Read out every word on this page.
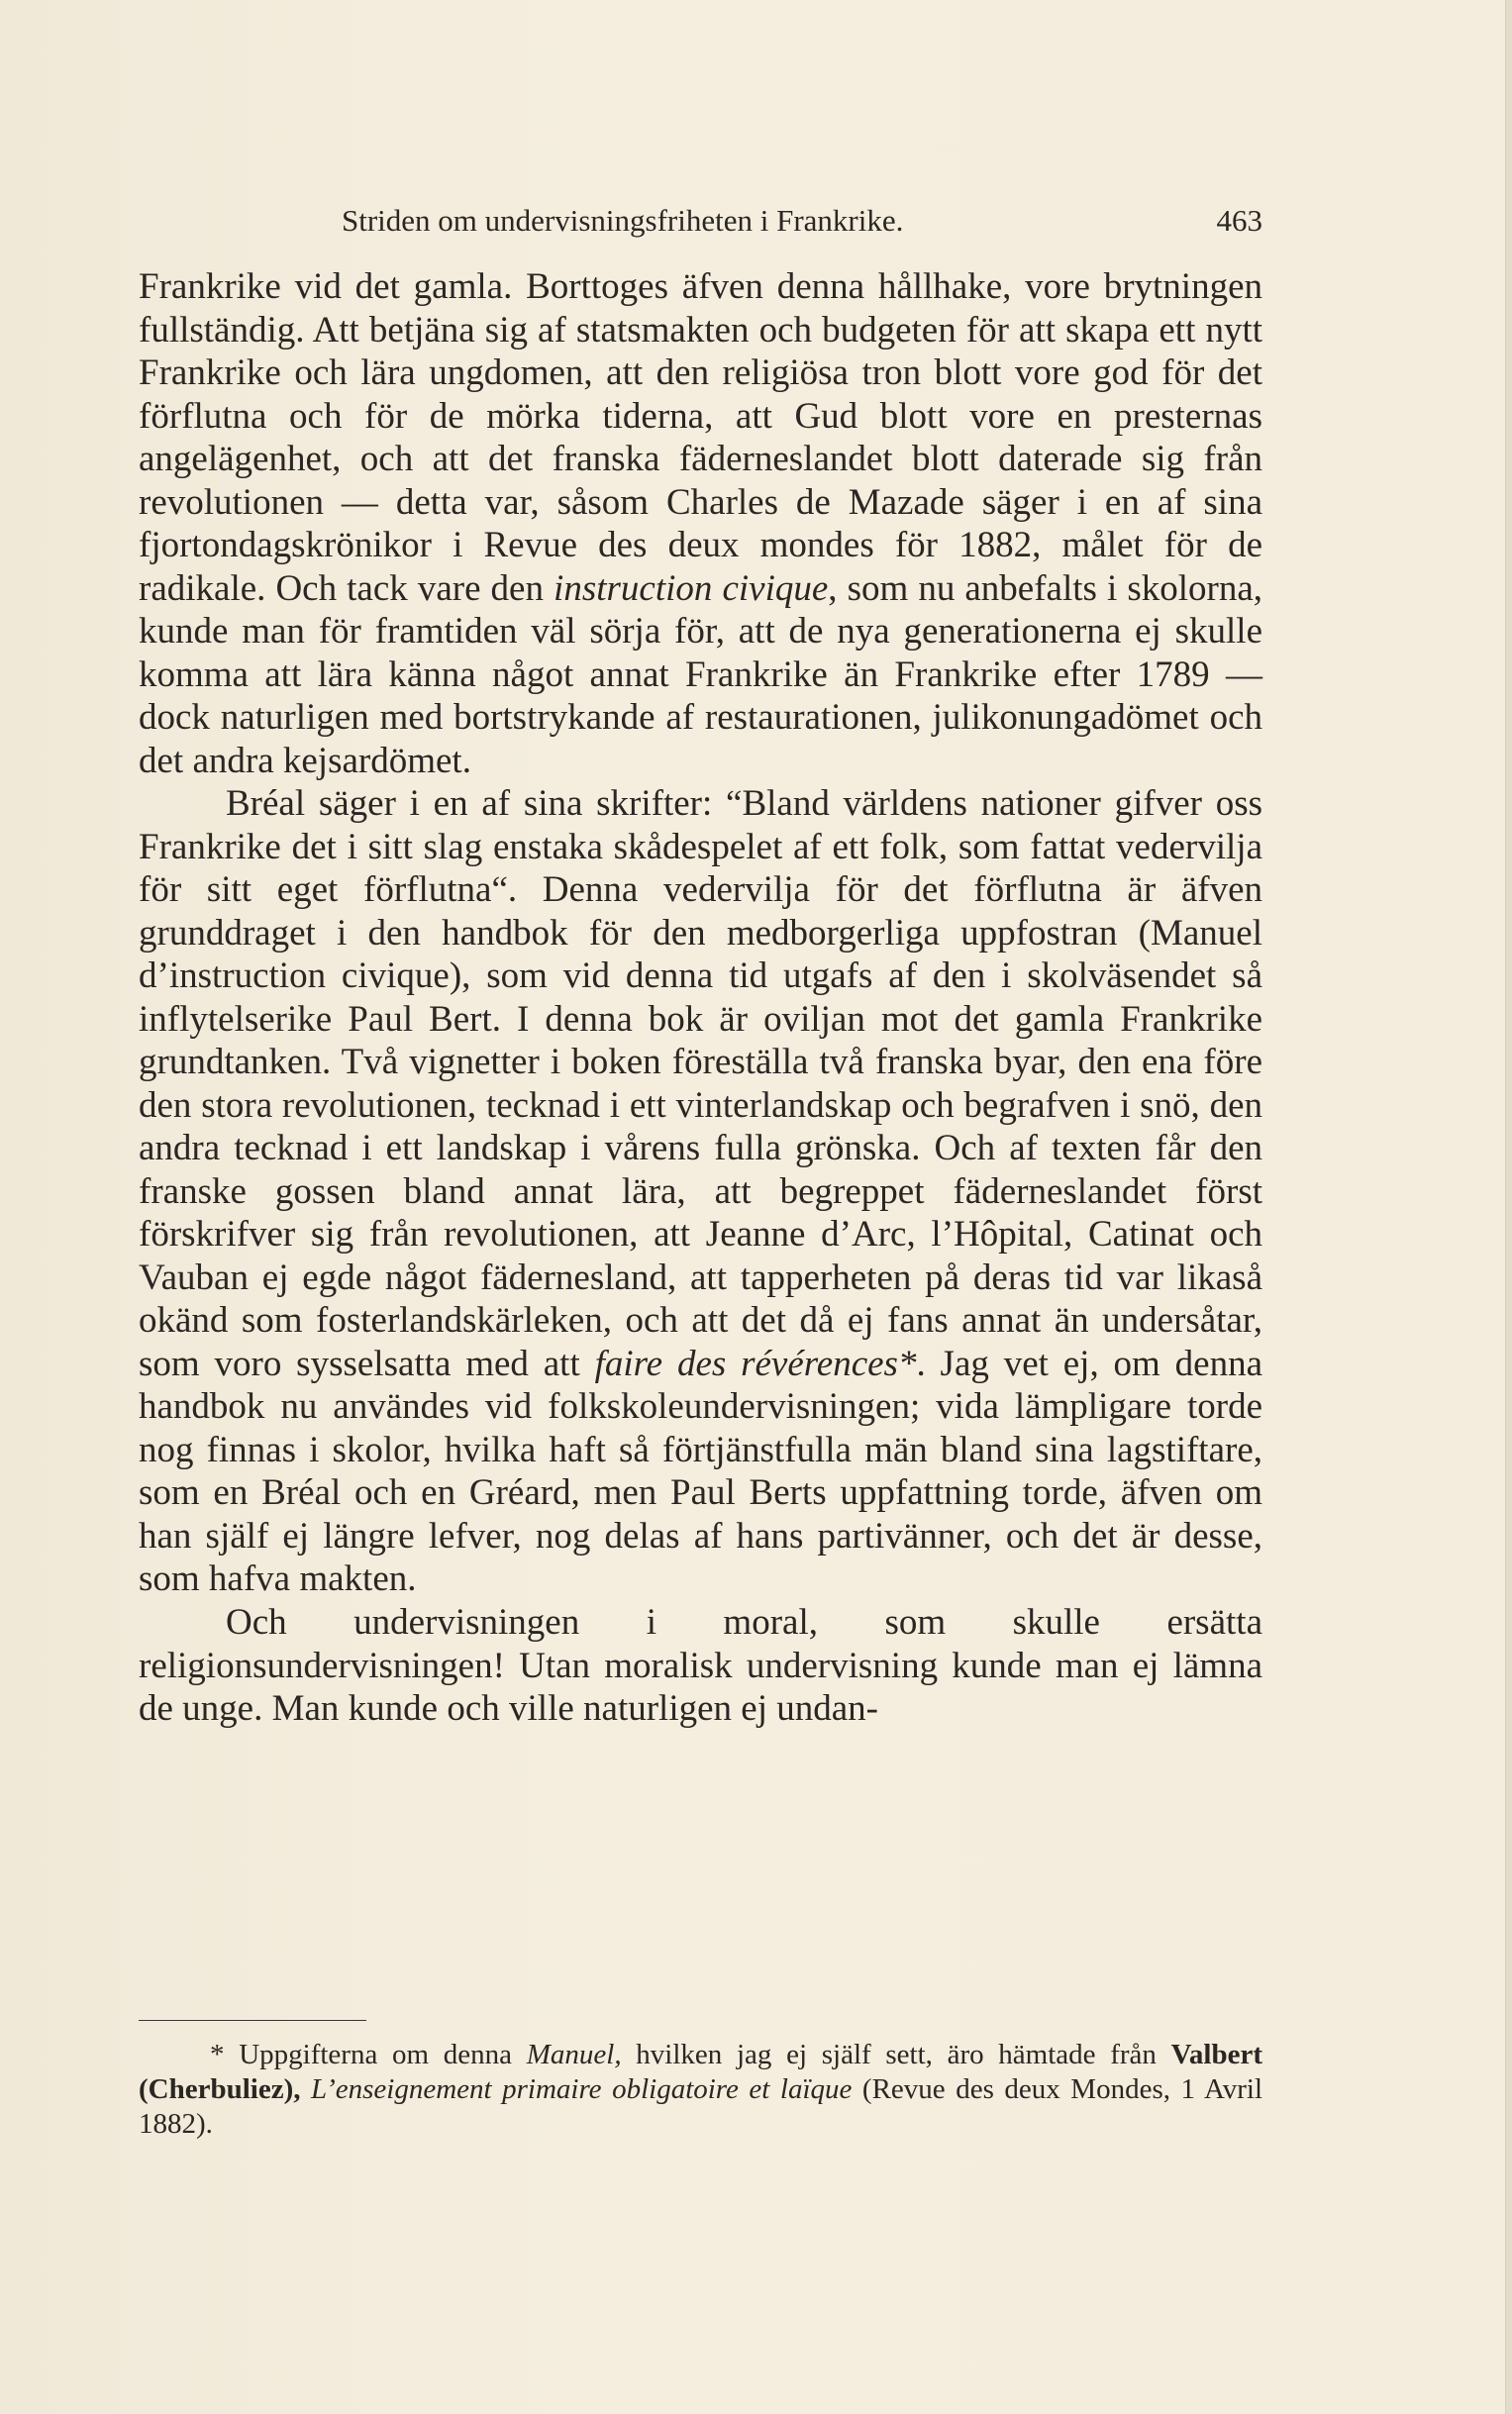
Striden om undervisningsfriheten i Frankrike.	463

Frankrike vid det gamla. Borttoges äfven denna hållhake, vore brytningen fullständig. Att betjäna sig af statsmakten och budgeten för att skapa ett nytt Frankrike och lära ungdomen, att den religiösa tron blott vore god för det förflutna och för de mörka tiderna, att Gud blott vore en presternas angelägenhet, och att det franska fäderneslandet blott daterade sig från revolutionen — detta var, såsom Charles de Mazade säger i en af sina fjortondagskrönikor i Revue des deux mondes för 1882, målet för de radikale. Och tack vare den instruction civique, som nu anbefalts i skolorna, kunde man för framtiden väl sörja för, att de nya generationerna ej skulle komma att lära känna något annat Frankrike än Frankrike efter 1789 — dock naturligen med bortstrykande af restaurationen, julikonungadömet och det andra kejsardömet.

Bréal säger i en af sina skrifter: “Bland världens nationer gifver oss Frankrike det i sitt slag enstaka skådespelet af ett folk, som fattat vedervilja för sitt eget förflutna“. Denna vedervilja för det förflutna är äfven grunddraget i den handbok för den medborgerliga uppfostran (Manuel d’instruction civique), som vid denna tid utgafs af den i skolväsendet så inflytelserike Paul Bert. I denna bok är oviljan mot det gamla Frankrike grundtanken. Två vignetter i boken föreställa två franska byar, den ena före den stora revolutionen, tecknad i ett vinterlandskap och begrafven i snö, den andra tecknad i ett landskap i vårens fulla grönska. Och af texten får den franske gossen bland annat lära, att begreppet fäderneslandet först förskrifver sig från revolutionen, att Jeanne d’Arc, l’Hôpital, Catinat och Vauban ej egde något fädernesland, att tapperheten på deras tid var likaså okänd som fosterlandskärleken, och att det då ej fans annat än undersåtar, som voro sysselsatta med att faire des révérences*. Jag vet ej, om denna handbok nu användes vid folkskoleundervisningen; vida lämpligare torde nog finnas i skolor, hvilka haft så förtjänstfulla män bland sina lagstiftare, som en Bréal och en Gréard, men Paul Berts uppfattning torde, äfven om han själf ej längre lefver, nog delas af hans partivänner, och det är desse, som hafva makten.

Och undervisningen i moral, som skulle ersätta religionsundervisningen! Utan moralisk undervisning kunde man ej lämna de unge. Man kunde och ville naturligen ej undan-

* Uppgifterna om denna Manuel, hvilken jag ej själf sett, äro hämtade från Valbert (Cherbuliez), L’enseignement primaire obligatoire et laïque (Revue des deux Mondes, 1 Avril 1882).
